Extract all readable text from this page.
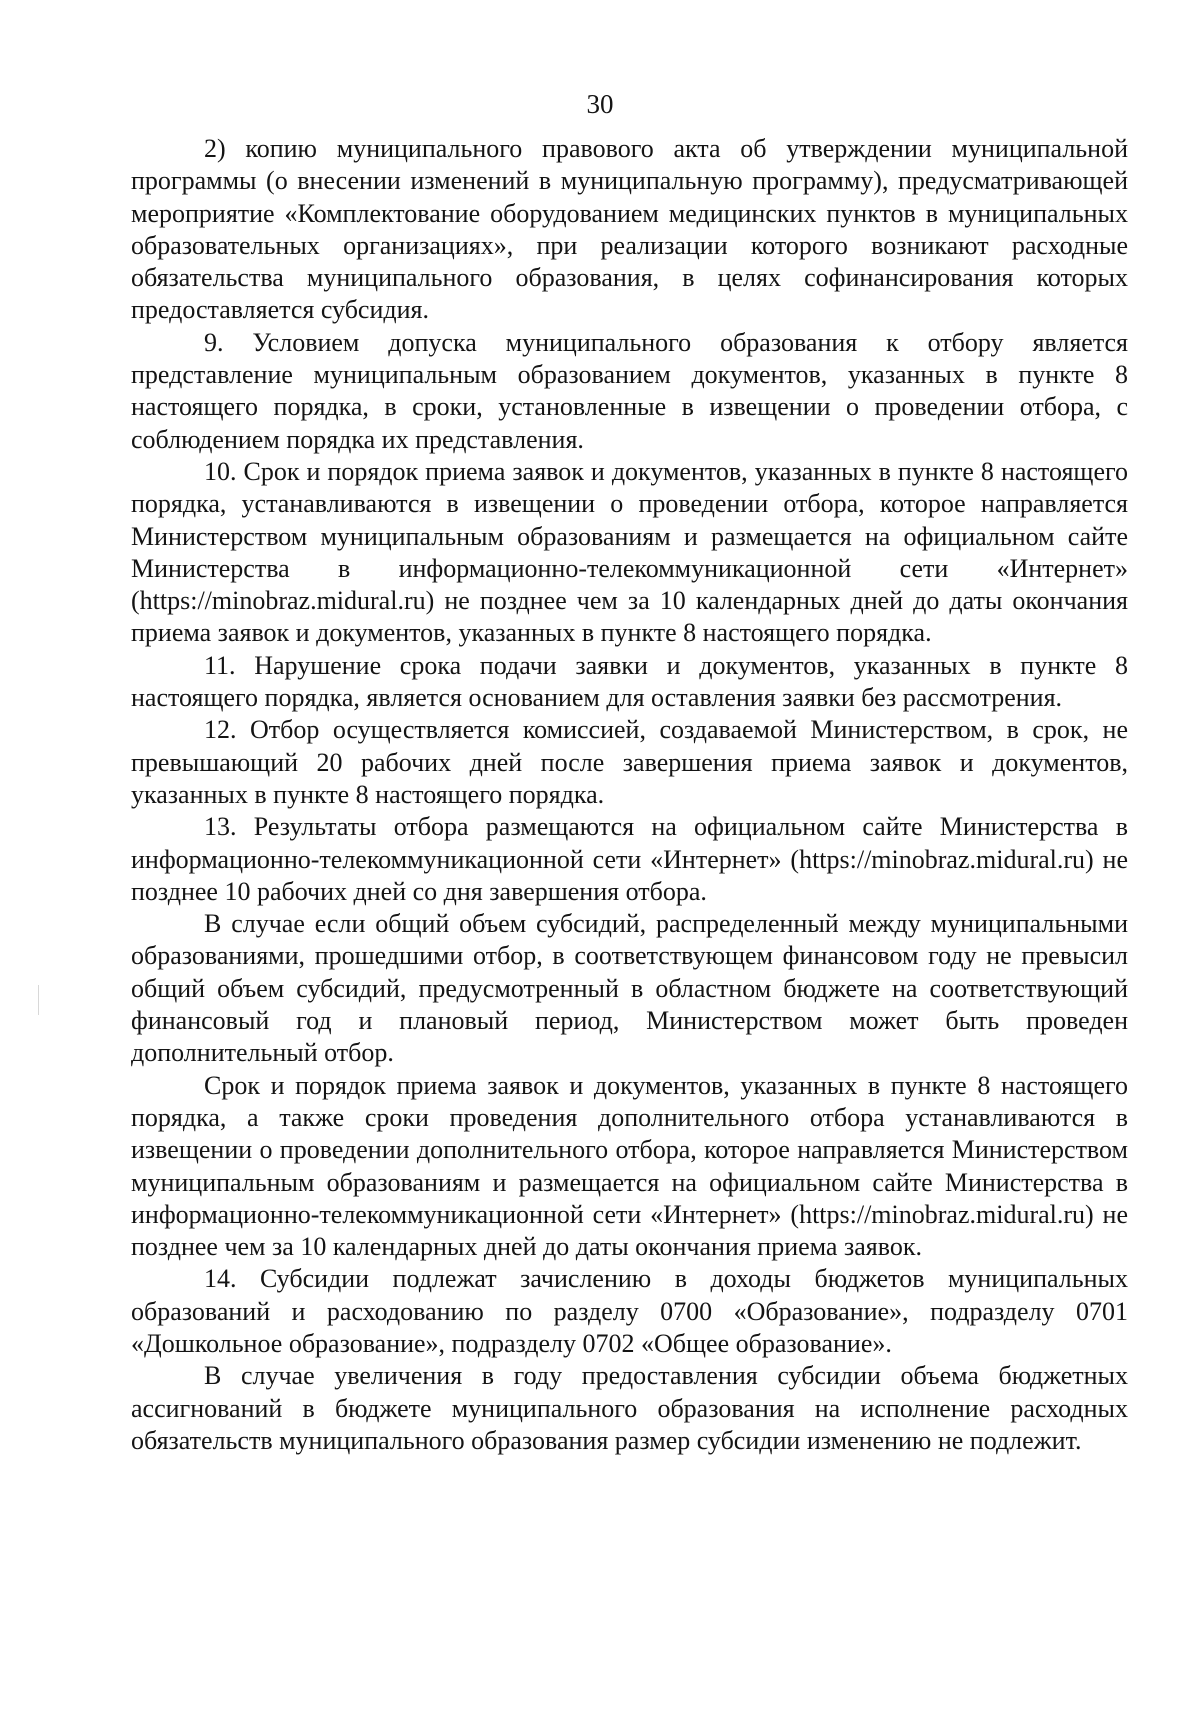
30

2) копию муниципального правового акта об утверждении муниципальной программы (о внесении изменений в муниципальную программу), предусматривающей мероприятие «Комплектование оборудованием медицинских пунктов в муниципальных образовательных организациях», при реализации которого возникают расходные обязательства муниципального образования, в целях софинансирования которых предоставляется субсидия.

9. Условием допуска муниципального образования к отбору является представление муниципальным образованием документов, указанных в пункте 8 настоящего порядка, в сроки, установленные в извещении о проведении отбора, с соблюдением порядка их представления.

10. Срок и порядок приема заявок и документов, указанных в пункте 8 настоящего порядка, устанавливаются в извещении о проведении отбора, которое направляется Министерством муниципальным образованиям и размещается на официальном сайте Министерства в информационно-телекоммуникационной сети «Интернет» (https://minobraz.midural.ru) не позднее чем за 10 календарных дней до даты окончания приема заявок и документов, указанных в пункте 8 настоящего порядка.

11. Нарушение срока подачи заявки и документов, указанных в пункте 8 настоящего порядка, является основанием для оставления заявки без рассмотрения.

12. Отбор осуществляется комиссией, создаваемой Министерством, в срок, не превышающий 20 рабочих дней после завершения приема заявок и документов, указанных в пункте 8 настоящего порядка.

13. Результаты отбора размещаются на официальном сайте Министерства в информационно-телекоммуникационной сети «Интернет» (https://minobraz.midural.ru) не позднее 10 рабочих дней со дня завершения отбора.

В случае если общий объем субсидий, распределенный между муниципальными образованиями, прошедшими отбор, в соответствующем финансовом году не превысил общий объем субсидий, предусмотренный в областном бюджете на соответствующий финансовый год и плановый период, Министерством может быть проведен дополнительный отбор.

Срок и порядок приема заявок и документов, указанных в пункте 8 настоящего порядка, а также сроки проведения дополнительного отбора устанавливаются в извещении о проведении дополнительного отбора, которое направляется Министерством муниципальным образованиям и размещается на официальном сайте Министерства в информационно-телекоммуникационной сети «Интернет» (https://minobraz.midural.ru) не позднее чем за 10 календарных дней до даты окончания приема заявок.

14. Субсидии подлежат зачислению в доходы бюджетов муниципальных образований и расходованию по разделу 0700 «Образование», подразделу 0701 «Дошкольное образование», подразделу 0702 «Общее образование».

В случае увеличения в году предоставления субсидии объема бюджетных ассигнований в бюджете муниципального образования на исполнение расходных обязательств муниципального образования размер субсидии изменению не подлежит.
